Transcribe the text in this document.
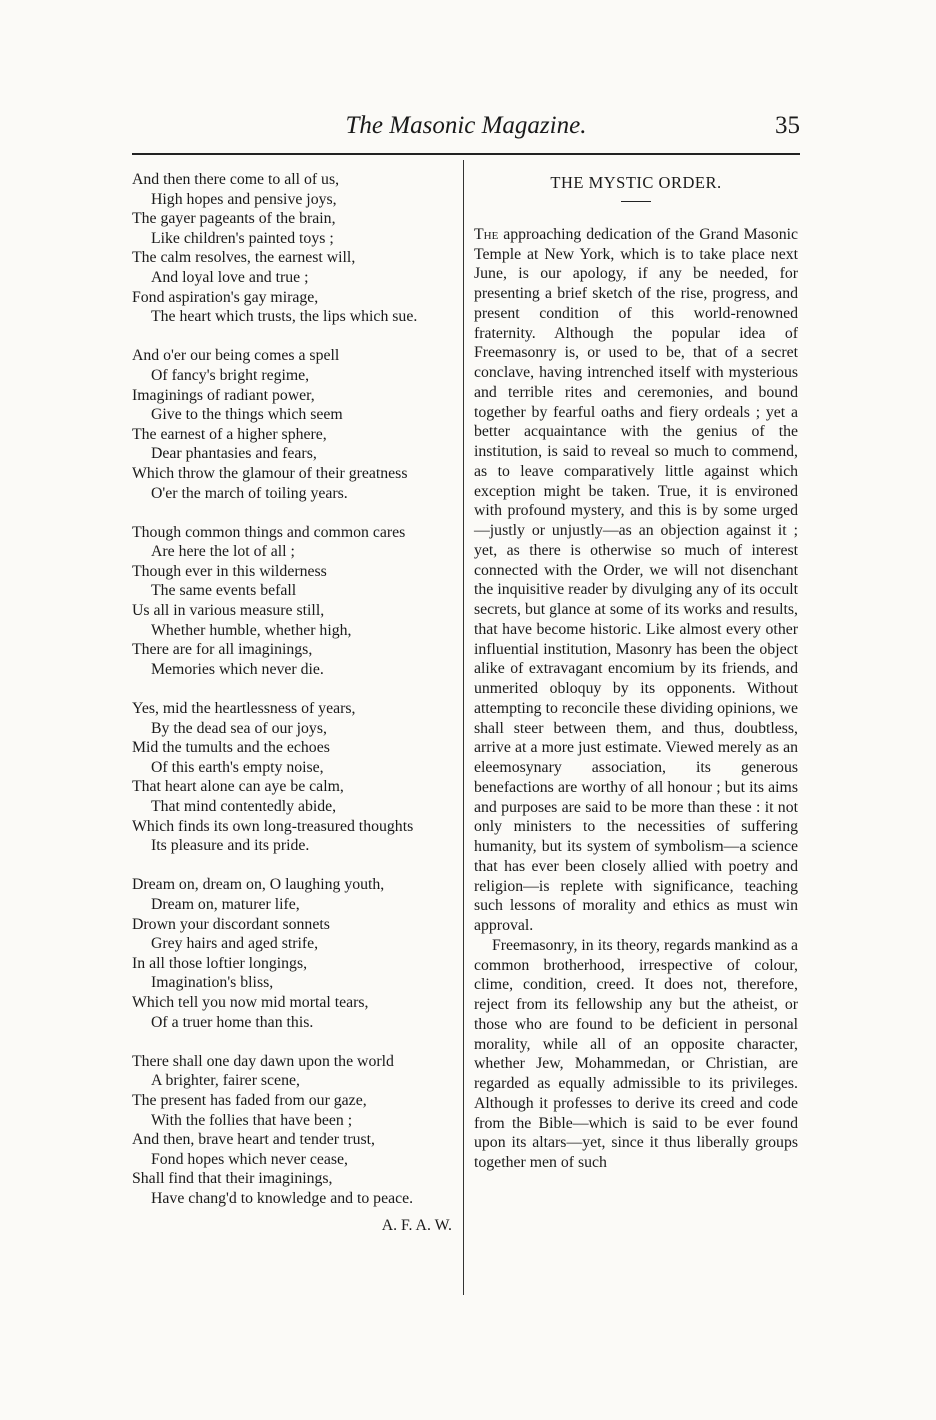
The Masonic Magazine.	35
And then there come to all of us,
High hopes and pensive joys,
The gayer pageants of the brain,
Like children's painted toys ;
The calm resolves, the earnest will,
And loyal love and true ;
Fond aspiration's gay mirage,
The heart which trusts, the lips which sue.
And o'er our being comes a spell
Of fancy's bright regime,
Imaginings of radiant power,
Give to the things which seem
The earnest of a higher sphere,
Dear phantasies and fears,
Which throw the glamour of their greatness
O'er the march of toiling years.
Though common things and common cares
Are here the lot of all ;
Though ever in this wilderness
The same events befall
Us all in various measure still,
Whether humble, whether high,
There are for all imaginings,
Memories which never die.
Yes, mid the heartlessness of years,
By the dead sea of our joys,
Mid the tumults and the echoes
Of this earth's empty noise,
That heart alone can aye be calm,
That mind contentedly abide,
Which finds its own long-treasured thoughts
Its pleasure and its pride.
Dream on, dream on, O laughing youth,
Dream on, maturer life,
Drown your discordant sonnets
Grey hairs and aged strife,
In all those loftier longings,
Imagination's bliss,
Which tell you now mid mortal tears,
Of a truer home than this.
There shall one day dawn upon the world
A brighter, fairer scene,
The present has faded from our gaze,
With the follies that have been ;
And then, brave heart and tender trust,
Fond hopes which never cease,
Shall find that their imaginings,
Have chang'd to knowledge and to peace.
A. F. A. W.
THE MYSTIC ORDER.

The approaching dedication of the Grand Masonic Temple at New York, which is to take place next June, is our apology, if any be needed, for presenting a brief sketch of the rise, progress, and present condition of this world-renowned fraternity. Although the popular idea of Freemasonry is, or used to be, that of a secret conclave, having intrenched itself with mysterious and terrible rites and ceremonies, and bound together by fearful oaths and fiery ordeals ; yet a better acquaintance with the genius of the institution, is said to reveal so much to commend, as to leave comparatively little against which exception might be taken. True, it is environed with profound mystery, and this is by some urged—justly or unjustly—as an objection against it ; yet, as there is otherwise so much of interest connected with the Order, we will not disenchant the inquisitive reader by divulging any of its occult secrets, but glance at some of its works and results, that have become historic. Like almost every other influential institution, Masonry has been the object alike of extravagant encomium by its friends, and unmerited obloquy by its opponents. Without attempting to reconcile these dividing opinions, we shall steer between them, and thus, doubtless, arrive at a more just estimate. Viewed merely as an eleemosynary association, its generous benefactions are worthy of all honour ; but its aims and purposes are said to be more than these : it not only ministers to the necessities of suffering humanity, but its system of symbolism—a science that has ever been closely allied with poetry and religion—is replete with significance, teaching such lessons of morality and ethics as must win approval.

Freemasonry, in its theory, regards mankind as a common brotherhood, irrespective of colour, clime, condition, creed. It does not, therefore, reject from its fellowship any but the atheist, or those who are found to be deficient in personal morality, while all of an opposite character, whether Jew, Mohammedan, or Christian, are regarded as equally admissible to its privileges. Although it professes to derive its creed and code from the Bible—which is said to be ever found upon its altars—yet, since it thus liberally groups together men of such
